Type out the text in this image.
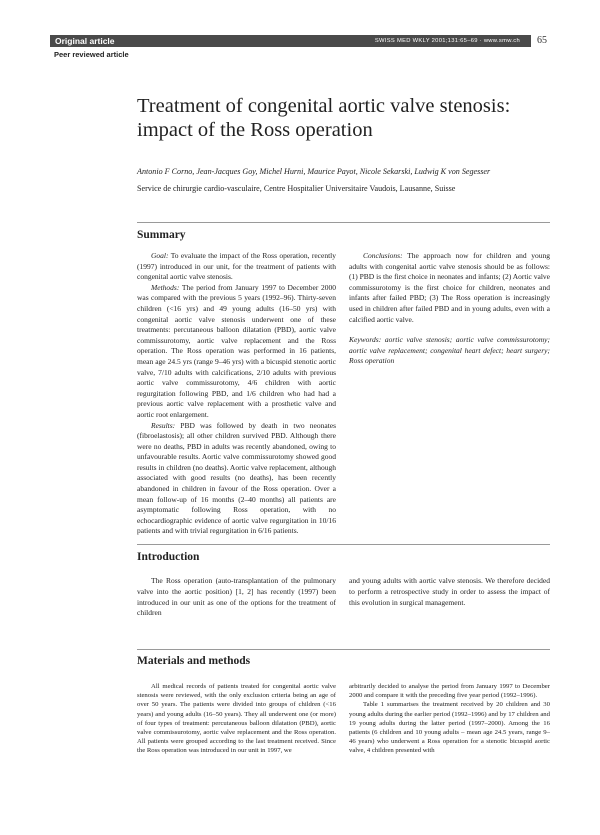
Original article	SWISS MED WKLY 2001;131:65–69 · www.smw.ch	65
Peer reviewed article
Treatment of congenital aortic valve stenosis:
impact of the Ross operation
Antonio F Corno, Jean-Jacques Goy, Michel Hurni, Maurice Payot, Nicole Sekarski, Ludwig K von Segesser
Service de chirurgie cardio-vasculaire, Centre Hospitalier Universitaire Vaudois, Lausanne, Suisse
Summary

Goal: To evaluate the impact of the Ross operation, recently (1997) introduced in our unit, for the treatment of patients with congenital aortic valve stenosis.

Methods: The period from January 1997 to December 2000 was compared with the previous 5 years (1992–96). Thirty-seven children (<16 yrs) and 49 young adults (16–50 yrs) with congenital aortic valve stenosis underwent one of these treatments: percutaneous balloon dilatation (PBD), aortic valve commissurotomy, aortic valve replacement and the Ross operation. The Ross operation was performed in 16 patients, mean age 24.5 yrs (range 9–46 yrs) with a bicuspid stenotic aortic valve, 7/10 adults with calcifications, 2/10 adults with previous aortic valve commissurotomy, 4/6 children with aortic regurgitation following PBD, and 1/6 children who had had a previous aortic valve replacement with a prosthetic valve and aortic root enlargement.

Results: PBD was followed by death in two neonates (fibroelastosis); all other children survived PBD. Although there were no deaths, PBD in adults was recently abandoned, owing to unfavourable results. Aortic valve commissurotomy showed good results in children (no deaths). Aortic valve replacement, although associated with good results (no deaths), has been recently abandoned in children in favour of the Ross operation. Over a mean follow-up of 16 months (2–40 months) all patients are asymptomatic following Ross operation, with no echocardiographic evidence of aortic valve regurgitation in 10/16 patients and with trivial regurgitation in 6/16 patients.

Conclusions: The approach now for children and young adults with congenital aortic valve stenosis should be as follows: (1) PBD is the first choice in neonates and infants; (2) Aortic valve commissurotomy is the first choice for children, neonates and infants after failed PBD; (3) The Ross operation is increasingly used in children after failed PBD and in young adults, even with a calcified aortic valve.

Keywords: aortic valve stenosis; aortic valve commissurotomy; aortic valve replacement; congenital heart defect; heart surgery; Ross operation

Introduction

The Ross operation (auto-transplantation of the pulmonary valve into the aortic position) [1, 2] has recently (1997) been introduced in our unit as one of the options for the treatment of children

and young adults with aortic valve stenosis. We therefore decided to perform a retrospective study in order to assess the impact of this evolution in surgical management.

Materials and methods

All medical records of patients treated for congenital aortic valve stenosis were reviewed, with the only exclusion criteria being an age of over 50 years. The patients were divided into groups of children (<16 years) and young adults (16–50 years). They all underwent one (or more) of four types of treatment: percutaneous balloon dilatation (PBD), aortic valve commissurotomy, aortic valve replacement and the Ross operation. All patients were grouped according to the last treatment received. Since the Ross operation was introduced in our unit in 1997, we

arbitrarily decided to analyse the period from January 1997 to December 2000 and compare it with the preceding five year period (1992–1996).

Table 1 summarises the treatment received by 20 children and 30 young adults during the earlier period (1992–1996) and by 17 children and 19 young adults during the latter period (1997–2000). Among the 16 patients (6 children and 10 young adults – mean age 24.5 years, range 9–46 years) who underwent a Ross operation for a stenotic bicuspid aortic valve, 4 children presented with
